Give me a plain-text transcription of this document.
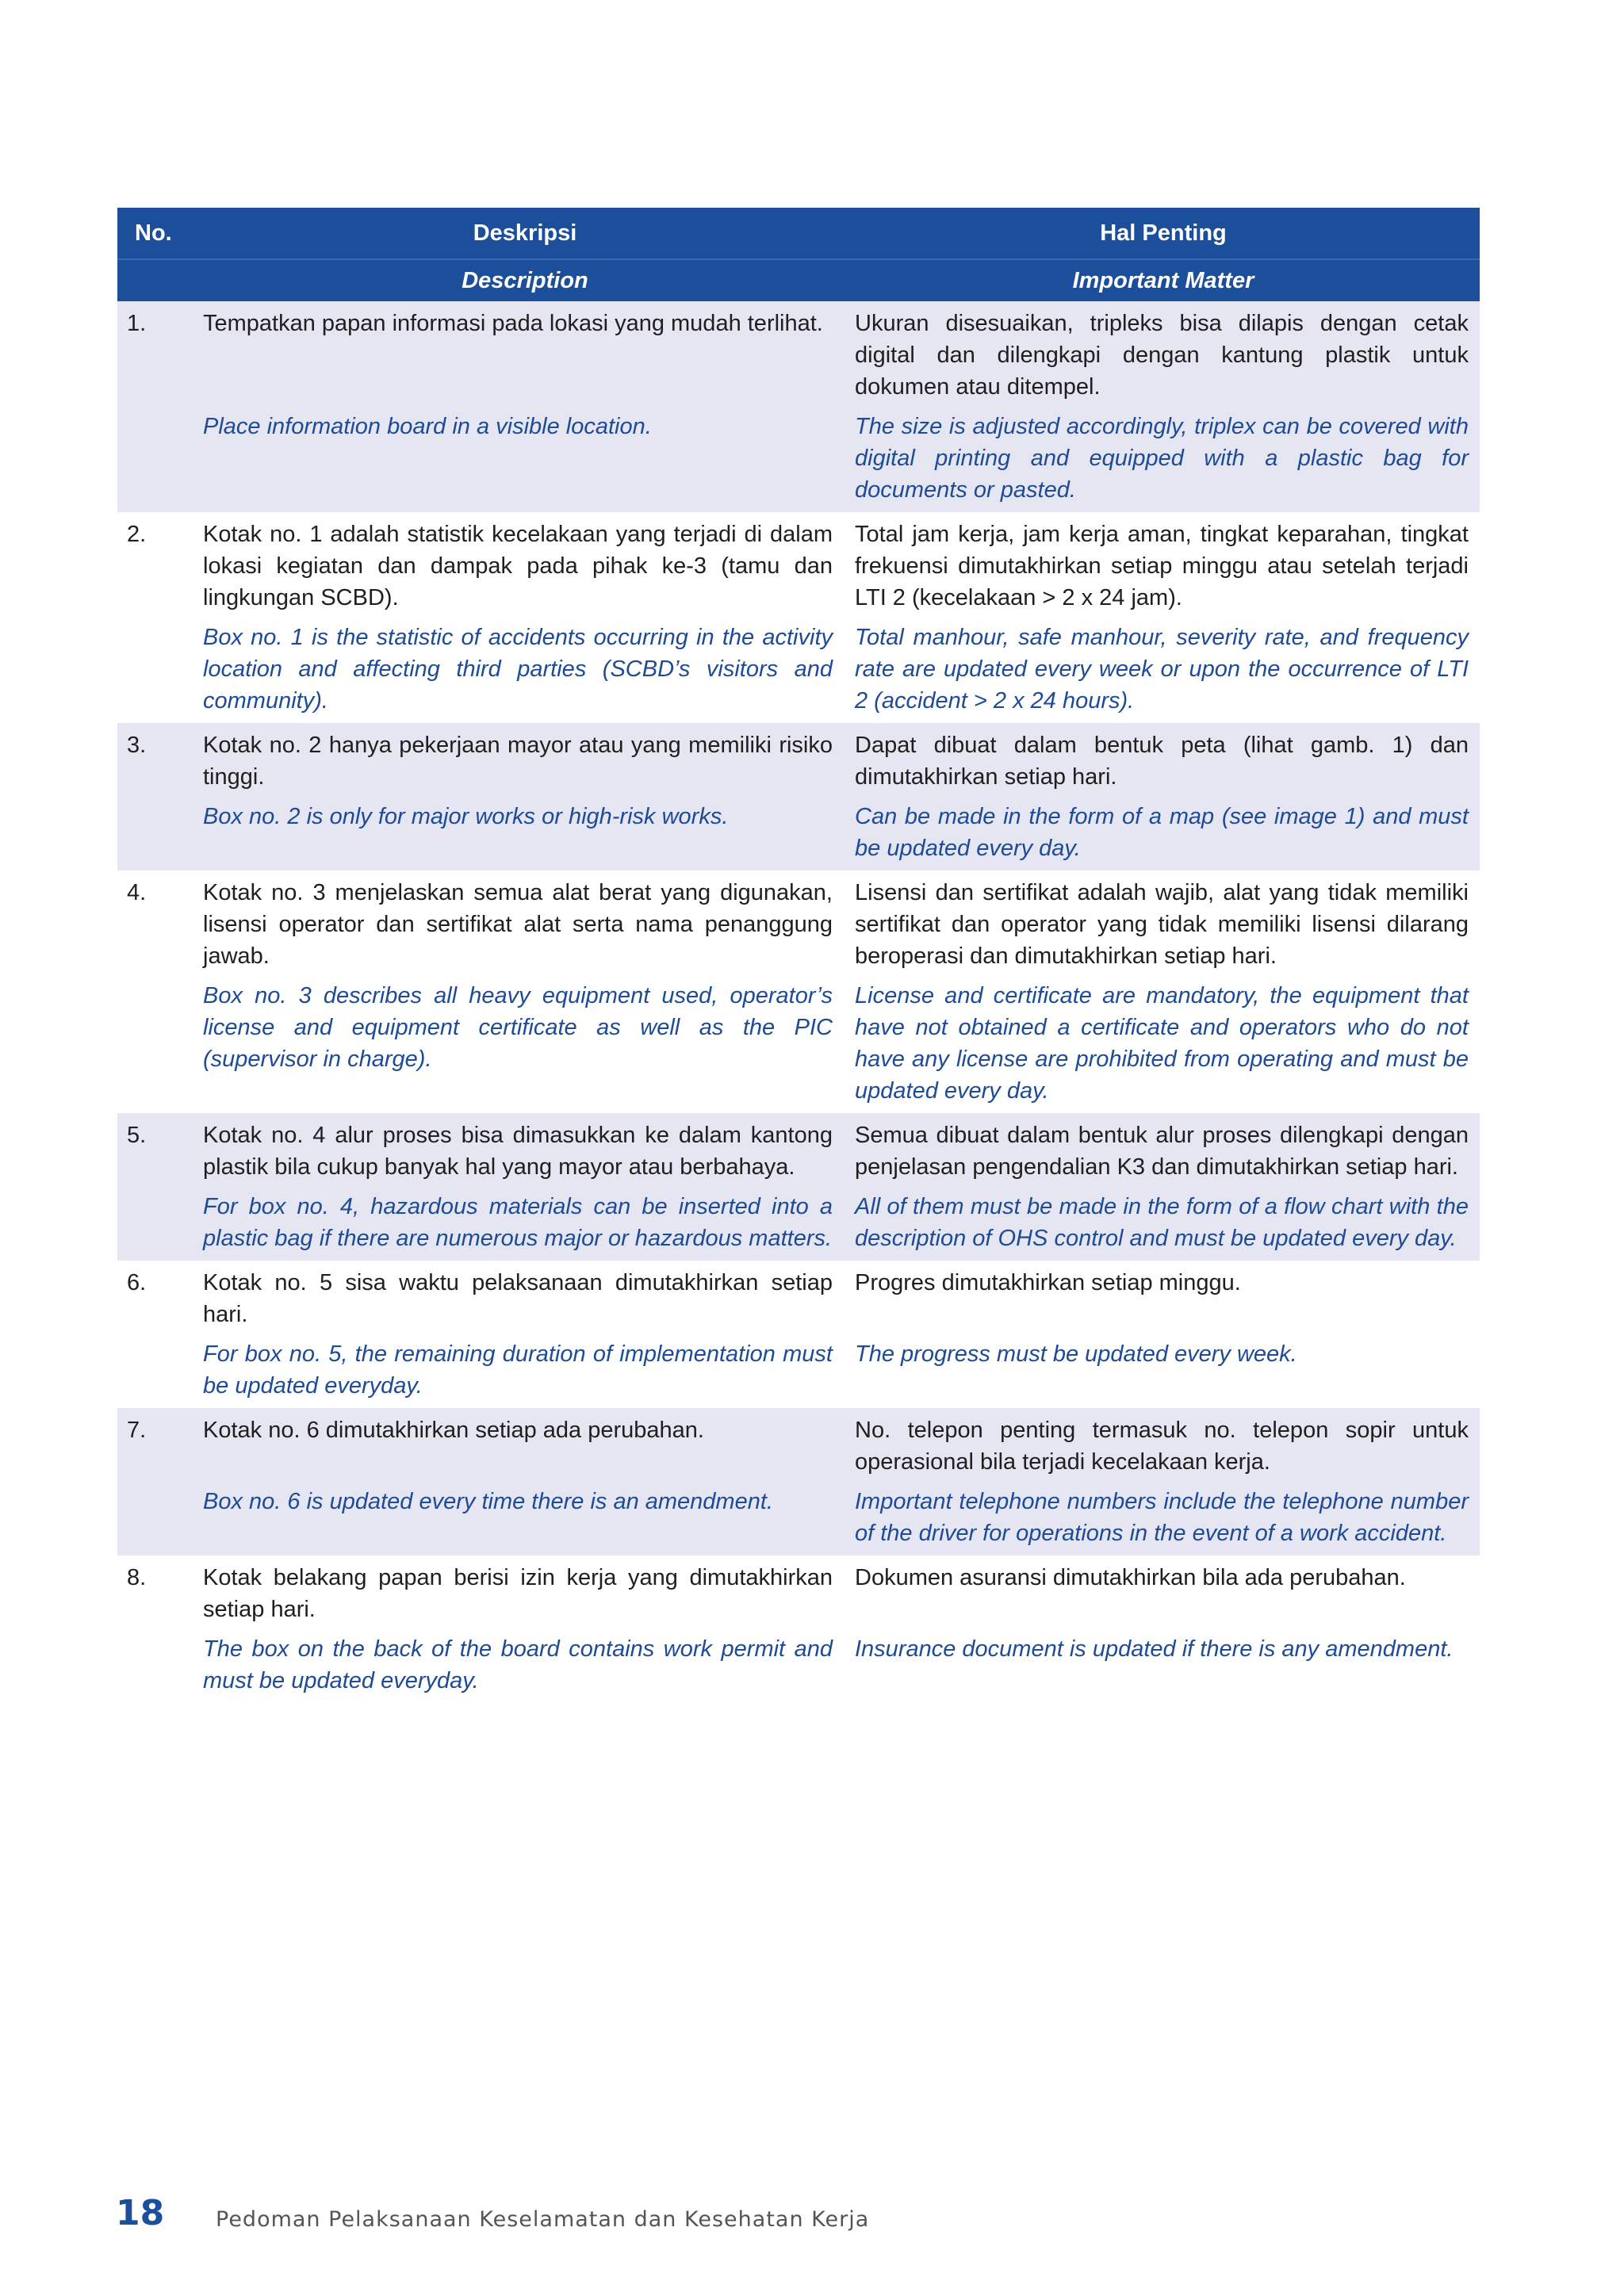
No.	Deskripsi	Hal Penting
	Description	Important Matter
1.	Tempatkan papan informasi pada lokasi yang mudah terlihat.	Ukuran disesuaikan, tripleks bisa dilapis dengan cetak digital dan dilengkapi dengan kantung plastik untuk dokumen atau ditempel.
	Place information board in a visible location.	The size is adjusted accordingly, triplex can be covered with digital printing and equipped with a plastic bag for documents or pasted.
2.	Kotak no. 1 adalah statistik kecelakaan yang terjadi di dalam lokasi kegiatan dan dampak pada pihak ke-3 (tamu dan lingkungan SCBD).	Total jam kerja, jam kerja aman, tingkat keparahan, tingkat frekuensi dimutakhirkan setiap minggu atau setelah terjadi LTI 2 (kecelakaan > 2 x 24 jam).
	Box no. 1 is the statistic of accidents occurring in the activity location and affecting third parties (SCBD’s visitors and community).	Total manhour, safe manhour, severity rate, and frequency rate are updated every week or upon the occurrence of LTI 2 (accident > 2 x 24 hours).
3.	Kotak no. 2 hanya pekerjaan mayor atau yang memiliki risiko tinggi.	Dapat dibuat dalam bentuk peta (lihat gamb. 1) dan dimutakhirkan setiap hari.
	Box no. 2 is only for major works or high-risk works.	Can be made in the form of a map (see image 1) and must be updated every day.
4.	Kotak no. 3 menjelaskan semua alat berat yang digunakan, lisensi operator dan sertifikat alat serta nama penanggung jawab.	Lisensi dan sertifikat adalah wajib, alat yang tidak memiliki sertifikat dan operator yang tidak memiliki lisensi dilarang beroperasi dan dimutakhirkan setiap hari.
	Box no. 3 describes all heavy equipment used, operator’s license and equipment certificate as well as the PIC (supervisor in charge).	License and certificate are mandatory, the equipment that have not obtained a certificate and operators who do not have any license are prohibited from operating and must be updated every day.
5.	Kotak no. 4 alur proses bisa dimasukkan ke dalam kantong plastik bila cukup banyak hal yang mayor atau berbahaya.	Semua dibuat dalam bentuk alur proses dilengkapi dengan penjelasan pengendalian K3 dan dimutakhirkan setiap hari.
	For box no. 4, hazardous materials can be inserted into a plastic bag if there are numerous major or hazardous matters.	All of them must be made in the form of a flow chart with the description of OHS control and must be updated every day.
6.	Kotak no. 5 sisa waktu pelaksanaan dimutakhirkan setiap hari.	Progres dimutakhirkan setiap minggu.
	For box no. 5, the remaining duration of implementation must be updated everyday.	The progress must be updated every week.
7.	Kotak no. 6 dimutakhirkan setiap ada perubahan.	No. telepon penting termasuk no. telepon sopir untuk operasional bila terjadi kecelakaan kerja.
	Box no. 6 is updated every time there is an amendment.	Important telephone numbers include the telephone number of the driver for operations in the event of a work accident.
8.	Kotak belakang papan berisi izin kerja yang dimutakhirkan setiap hari.	Dokumen asuransi dimutakhirkan bila ada perubahan.
	The box on the back of the board contains work permit and must be updated everyday.	Insurance document is updated if there is any amendment.
18 Pedoman Pelaksanaan Keselamatan dan Kesehatan Kerja
